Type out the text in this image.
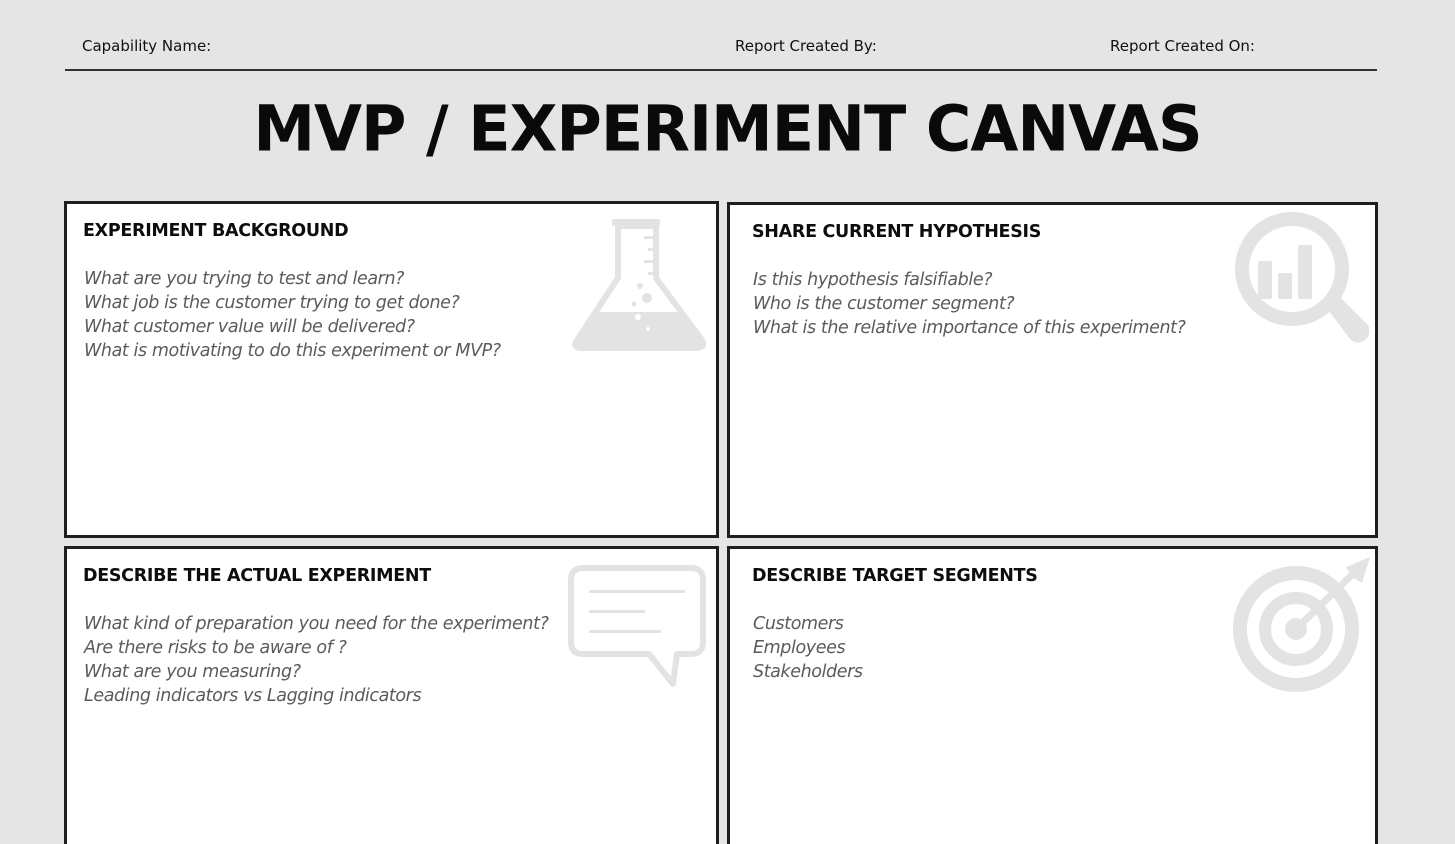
Capability Name:	Report Created By:	Report Created On:
MVP / EXPERIMENT CANVAS
EXPERIMENT BACKGROUND
What are you trying to test and learn?
What job is the customer trying to get done?
What customer value will be delivered?
What is motivating to do this experiment or MVP?
SHARE CURRENT HYPOTHESIS
Is this hypothesis falsifiable?
Who is the customer segment?
What is the relative importance of this experiment?
DESCRIBE THE ACTUAL EXPERIMENT
What kind of preparation you need for the experiment?
Are there risks to be aware of ?
What are you measuring?
Leading indicators vs Lagging indicators
DESCRIBE TARGET SEGMENTS
Customers
Employees
Stakeholders
